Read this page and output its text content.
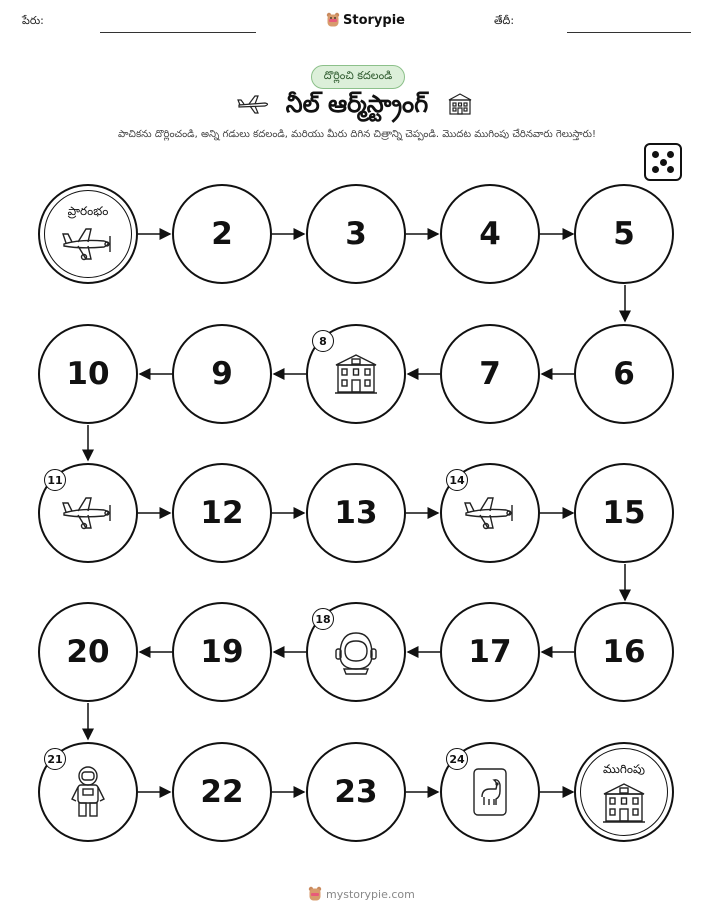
పేరు:	Storypie	తేదీ:
దొర్లించి కదలండి
నీల్ ఆర్మ్‌స్ట్రాంగ్
పాచికను దొర్లించండి, అన్ని గడులు కదలండి, మరియు మీరు దిగిన చిత్రాన్ని చెప్పండి. మొదట ముగింపు చేరినవారు గెలుస్తారు!
ప్రారంభం
2	3	4	5
6
7
8
9
10
11
12	13
14
15
16
17
18
19
20
21
22	23
24
ముగింపు
mystorypie.com
